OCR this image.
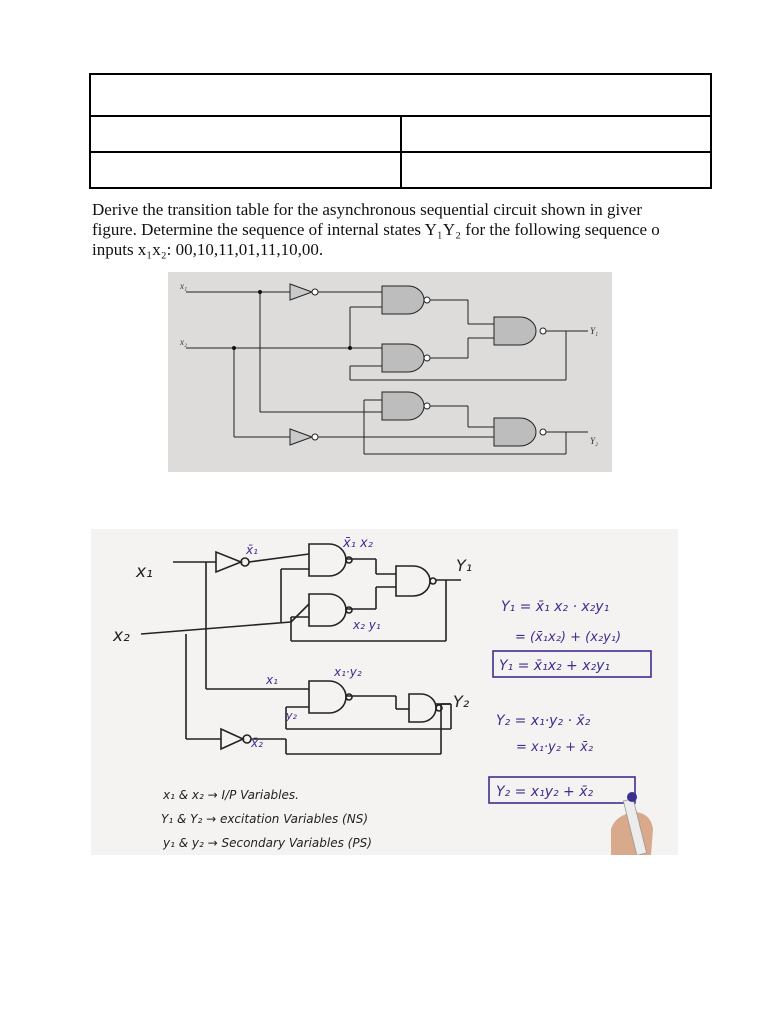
Derive the transition table for the asynchronous sequential circuit shown in giver
figure. Determine the sequence of internal states Y₁Y₂ for the following sequence o
inputs x₁x₂: 00,10,11,01,11,10,00.
x₁
x₂
Y₁
Y₂
x₁
x₂
Y₁
Y₂
x̄₁
x̄₂
x̄₁ x₂
x₂ y₁
x₁·y₂
x₁
y₂
Y₁ = x̄₁ x₂ · x₂y₁
= (x̄₁x₂) + (x₂y₁)
Y₁ = x̄₁x₂ + x₂y₁
Y₂ = x₁·y₂ · x̄₂
= x₁·y₂ + x̄₂
Y₂ = x₁y₂ + x̄₂
x₁ & x₂ → I/P Variables.
Y₁ & Y₂ → excitation Variables (NS)
y₁ & y₂ → Secondary Variables (PS)
